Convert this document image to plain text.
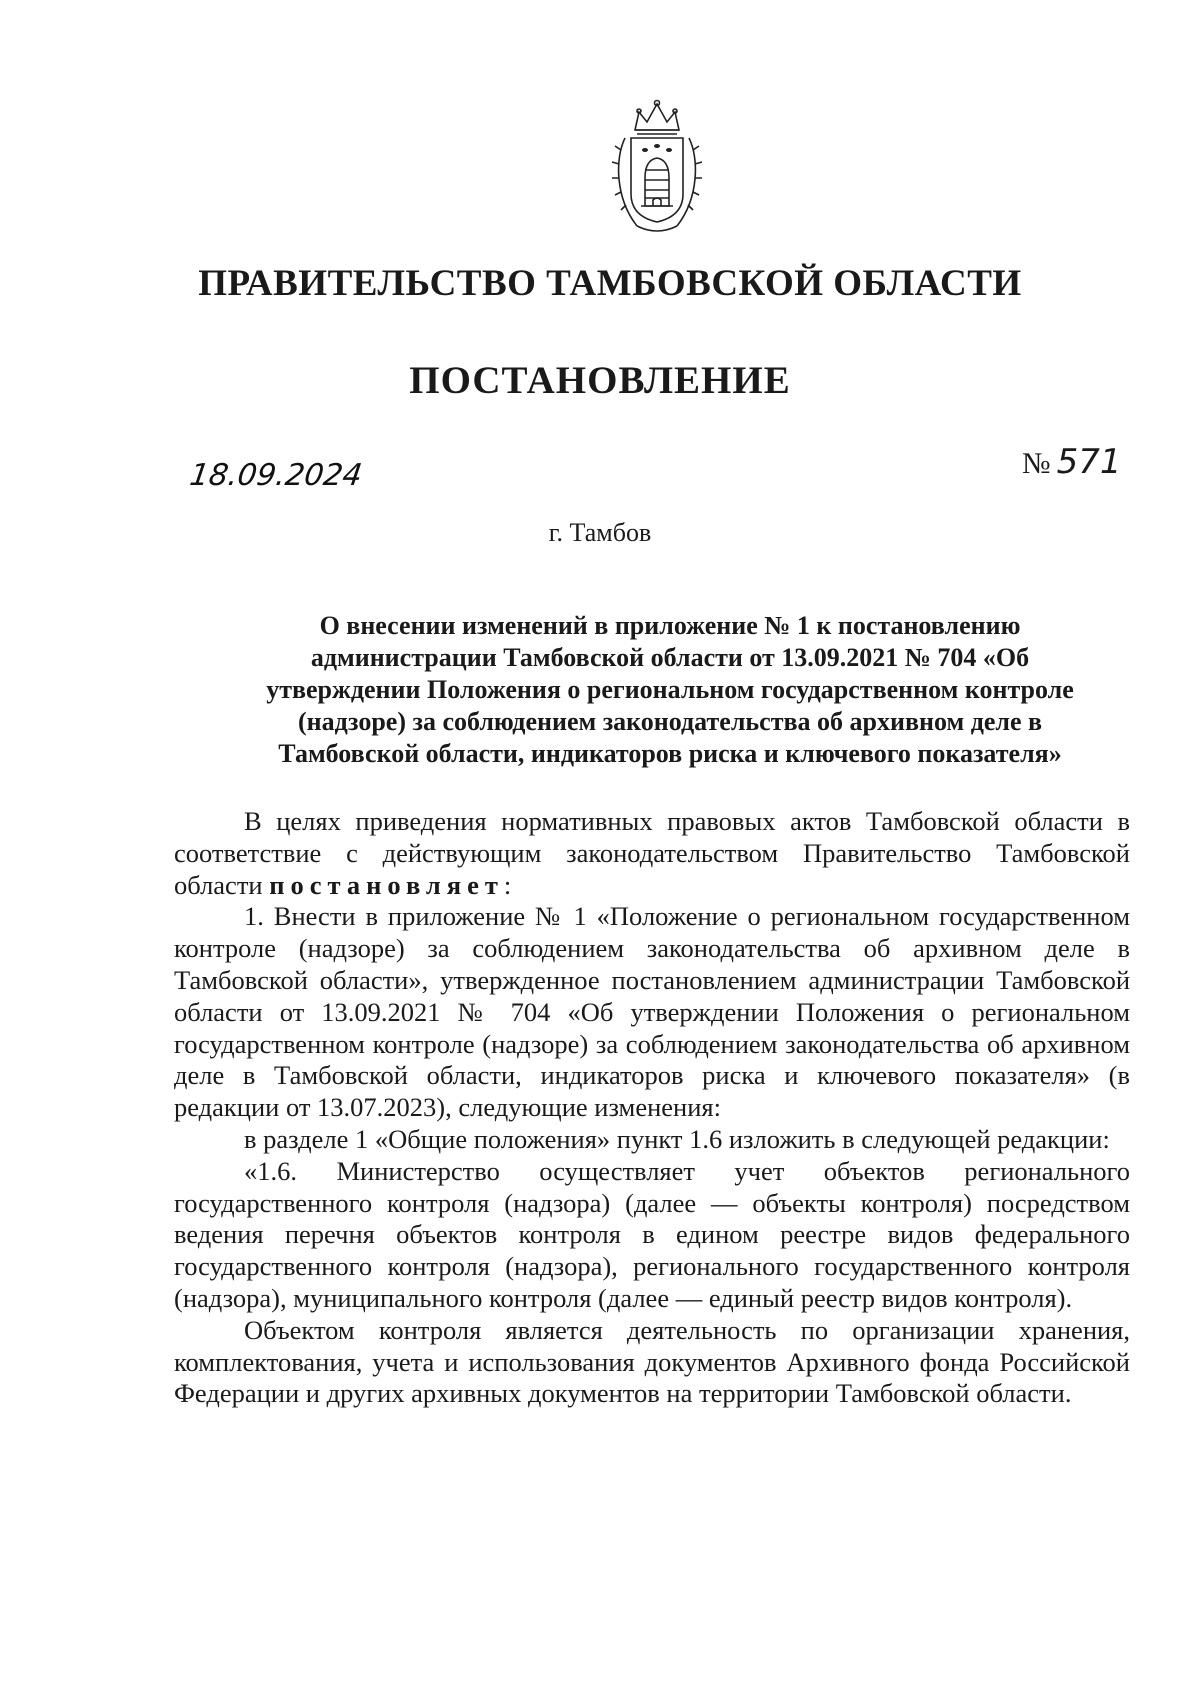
ПРАВИТЕЛЬСТВО ТАМБОВСКОЙ ОБЛАСТИ
ПОСТАНОВЛЕНИЕ
18.09.2024	№ 571
г. Тамбов
О внесении изменений в приложение № 1 к постановлению
администрации Тамбовской области от 13.09.2021 № 704 «Об
утверждении Положения о региональном государственном контроле
(надзоре) за соблюдением законодательства об архивном деле в
Тамбовской области, индикаторов риска и ключевого показателя»

В целях приведения нормативных правовых актов Тамбовской области в соответствие с действующим законодательством Правительство Тамбовской области постановляет:

1. Внести в приложение № 1 «Положение о региональном государственном контроле (надзоре) за соблюдением законодательства об архивном деле в Тамбовской области», утвержденное постановлением администрации Тамбовской области от 13.09.2021 № 704 «Об утверждении Положения о региональном государственном контроле (надзоре) за соблюдением законодательства об архивном деле в Тамбовской области, индикаторов риска и ключевого показателя» (в редакции от 13.07.2023), следующие изменения:

в разделе 1 «Общие положения» пункт 1.6 изложить в следующей редакции:

«1.6. Министерство осуществляет учет объектов регионального государственного контроля (надзора) (далее — объекты контроля) посредством ведения перечня объектов контроля в едином реестре видов федерального государственного контроля (надзора), регионального государственного контроля (надзора), муниципального контроля (далее — единый реестр видов контроля).

Объектом контроля является деятельность по организации хранения, комплектования, учета и использования документов Архивного фонда Российской Федерации и других архивных документов на территории Тамбовской области.
